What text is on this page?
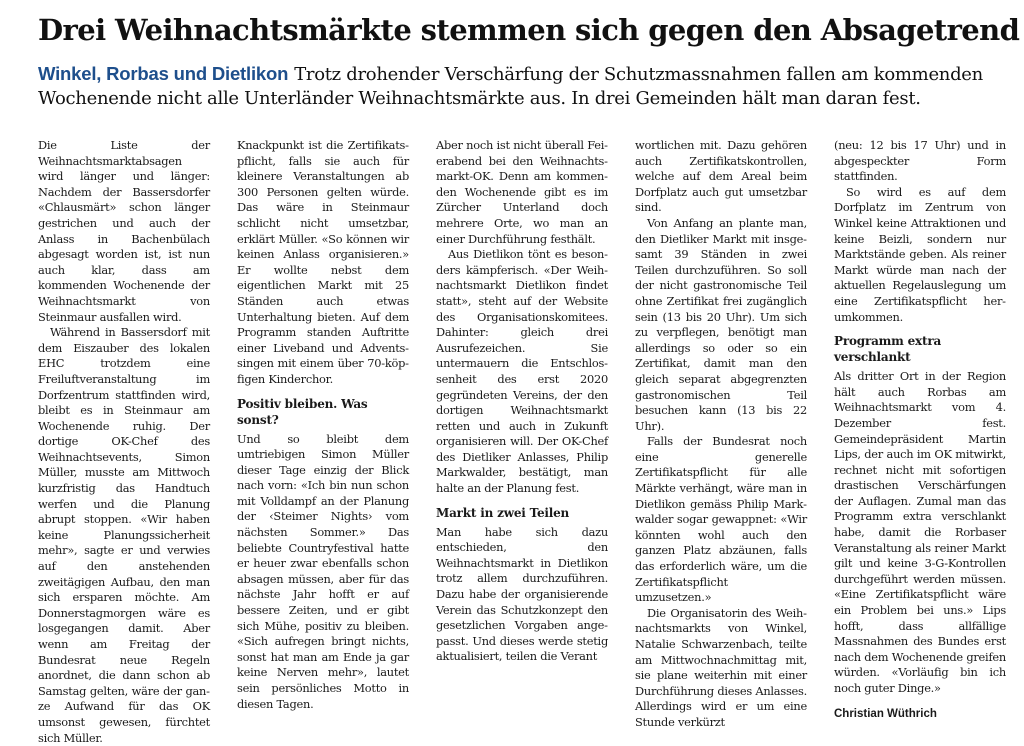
Drei Weihnachtsmärkte stemmen sich gegen den Absagetrend
Winkel, Rorbas und Dietlikon Trotz drohender Verschärfung der Schutzmassnahmen fallen am kommenden Wochenende nicht alle Unterländer Weihnachtsmärkte aus. In drei Gemeinden hält man daran fest.

Die Liste der Weihnachtsmarktabsagen wird länger und länger: Nachdem der Bassersdorfer «Chlausmärt» schon länger gestrichen und auch der Anlass in Bachenbülach abgesagt worden ist, ist nun auch klar, dass am kommenden Wochenende der Weihnachtsmarkt von Steinmaur ausfallen wird.

Während in Bassersdorf mit dem Eiszauber des lokalen EHC trotzdem eine Freiluftveranstaltung im Dorfzentrum stattfinden wird, bleibt es in Steinmaur am Wochenende ruhig. Der dortige OK-Chef des Weihnachtsevents, Simon Müller, musste am Mittwoch kurzfristig das Handtuch werfen und die Planung abrupt stoppen. «Wir haben keine Planungssicherheit mehr», sagte er und verwies auf den anstehenden zweitägigen Aufbau, den man sich ersparen möchte. Am Donnerstagmorgen wäre es losgegangen damit. Aber wenn am Freitag der Bundesrat neue Regeln anordnet, die dann schon ab Samstag gelten, wäre der ganze Aufwand für das OK umsonst gewesen, fürchtet sich Müller.

Knackpunkt ist die Zertifikatspflicht, falls sie auch für kleinere Veranstaltungen ab 300 Personen gelten würde. Das wäre in Steinmaur schlicht nicht umsetzbar, erklärt Müller. «So können wir keinen Anlass organisieren.» Er wollte nebst dem eigentlichen Markt mit 25 Ständen auch etwas Unterhaltung bieten. Auf dem Programm standen Auftritte einer Liveband und Adventssingen mit einem über 70-köpfigen Kinderchor.

Positiv bleiben. Was sonst?

Und so bleibt dem umtriebigen Simon Müller dieser Tage einzig der Blick nach vorn: «Ich bin nun schon mit Volldampf an der Planung der ‹Steimer Nights› vom nächsten Sommer.» Das beliebte Countryfestival hatte er heuer zwar ebenfalls schon absagen müssen, aber für das nächste Jahr hofft er auf bessere Zeiten, und er gibt sich Mühe, positiv zu bleiben. «Sich aufregen bringt nichts, sonst hat man am Ende ja gar keine Nerven mehr», lautet sein persönliches Motto in diesen Tagen.

Aber noch ist nicht überall Feierabend bei den Weihnachtsmarkt-OK. Denn am kommenden Wochenende gibt es im Zürcher Unterland doch mehrere Orte, wo man an einer Durchführung festhält.

Aus Dietlikon tönt es besonders kämpferisch. «Der Weihnachtsmarkt Dietlikon findet statt», steht auf der Website des Organisationskomitees. Dahinter: gleich drei Ausrufezeichen. Sie untermauern die Entschlossenheit des erst 2020 gegründeten Vereins, der den dortigen Weihnachtsmarkt retten und auch in Zukunft organisieren will. Der OK-Chef des Dietliker Anlasses, Philip Markwalder, bestätigt, man halte an der Planung fest.

Markt in zwei Teilen

Man habe sich dazu entschieden, den Weihnachtsmarkt in Dietlikon trotz allem durchzuführen. Dazu habe der organisierende Verein das Schutzkonzept den gesetzlichen Vorgaben angepasst. Und dieses werde stetig aktualisiert, teilen die Verant

wortlichen mit. Dazu gehören auch Zertifikatskontrollen, welche auf dem Areal beim Dorfplatz auch gut umsetzbar sind.

Von Anfang an plante man, den Dietliker Markt mit insgesamt 39 Ständen in zwei Teilen durchzuführen. So soll der nicht gastronomische Teil ohne Zertifikat frei zugänglich sein (13 bis 20 Uhr). Um sich zu verpflegen, benötigt man allerdings so oder so ein Zertifikat, damit man den gleich separat abgegrenzten gastronomischen Teil besuchen kann (13 bis 22 Uhr).

Falls der Bundesrat noch eine generelle Zertifikatspflicht für alle Märkte verhängt, wäre man in Dietlikon gemäss Philip Markwalder sogar gewappnet: «Wir könnten wohl auch den ganzen Platz abzäunen, falls das erforderlich wäre, um die Zertifikatspflicht umzusetzen.»

Die Organisatorin des Weihnachtsmarkts von Winkel, Natalie Schwarzenbach, teilte am Mittwochnachmittag mit, sie plane weiterhin mit einer Durchführung dieses Anlasses. Allerdings wird er um eine Stunde verkürzt

(neu: 12 bis 17 Uhr) und in abgespeckter Form stattfinden.

So wird es auf dem Dorfplatz im Zentrum von Winkel keine Attraktionen und keine Beizli, sondern nur Marktstände geben. Als reiner Markt würde man nach der aktuellen Regelauslegung um eine Zertifikatspflicht herumkommen.

Programm extra verschlankt

Als dritter Ort in der Region hält auch Rorbas am Weihnachtsmarkt vom 4. Dezember fest. Gemeindepräsident Martin Lips, der auch im OK mitwirkt, rechnet nicht mit sofortigen drastischen Verschärfungen der Auflagen. Zumal man das Programm extra verschlankt habe, damit die Rorbaser Veranstaltung als reiner Markt gilt und keine 3-G-Kontrollen durchgeführt werden müssen. «Eine Zertifikatspflicht wäre ein Problem bei uns.» Lips hofft, dass allfällige Massnahmen des Bundes erst nach dem Wochenende greifen würden. «Vorläufig bin ich noch guter Dinge.»

Christian Wüthrich
